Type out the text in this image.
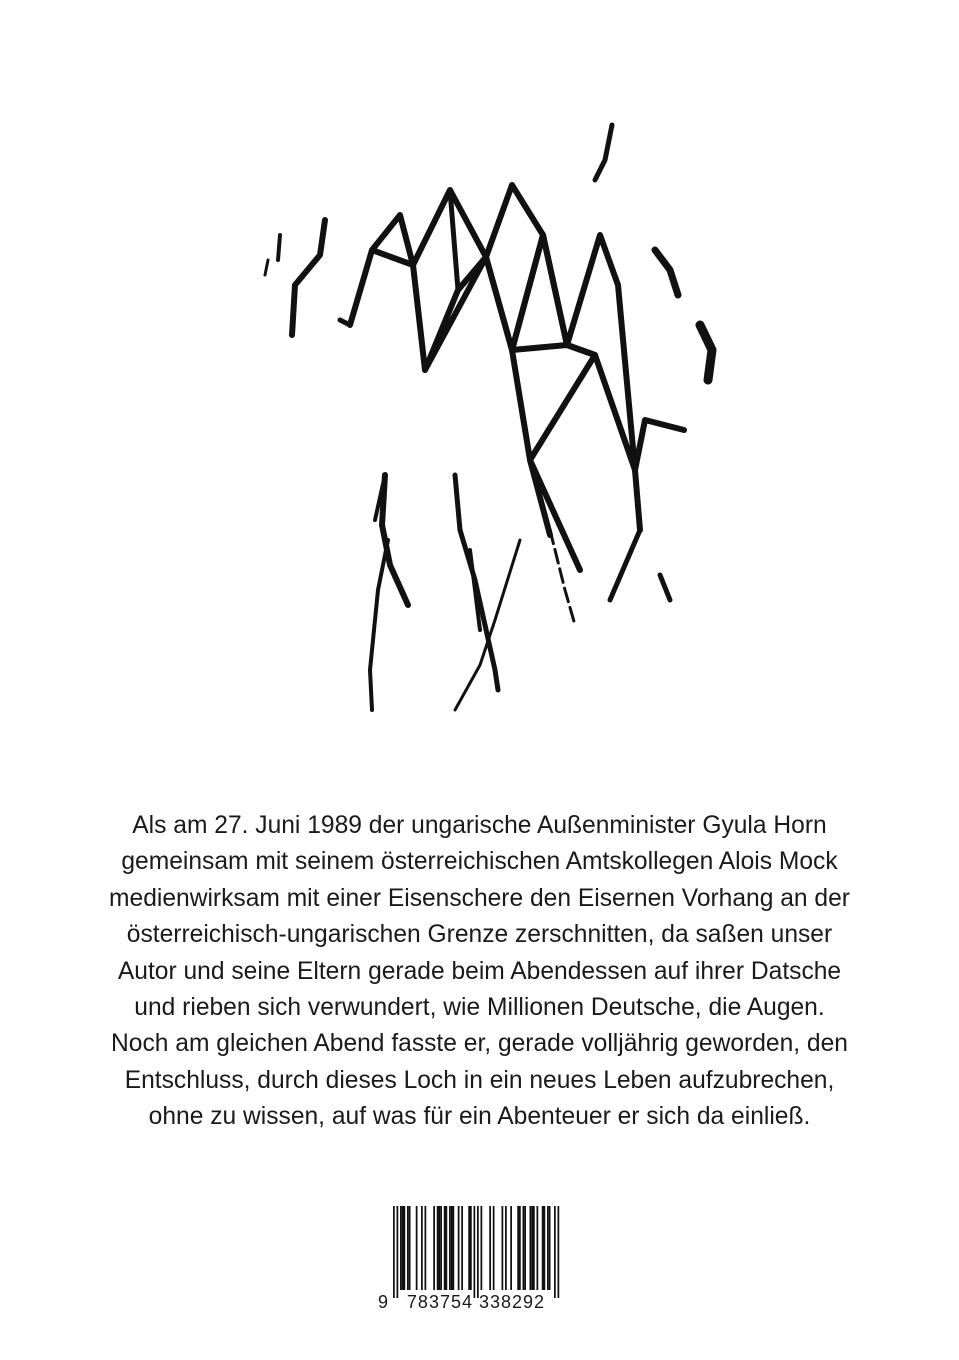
Als am 27. Juni 1989 der ungarische Außenminister Gyula Horn
gemeinsam mit seinem österreichischen Amtskollegen Alois Mock
medienwirksam mit einer Eisenschere den Eisernen Vorhang an der
österreichisch-ungarischen Grenze zerschnitten, da saßen unser
Autor und seine Eltern gerade beim Abendessen auf ihrer Datsche
und rieben sich verwundert, wie Millionen Deutsche, die Augen.
Noch am gleichen Abend fasste er, gerade volljährig geworden, den
Entschluss, durch dieses Loch in ein neues Leben aufzubrechen,
ohne zu wissen, auf was für ein Abenteuer er sich da einließ.

9	783754 338292
